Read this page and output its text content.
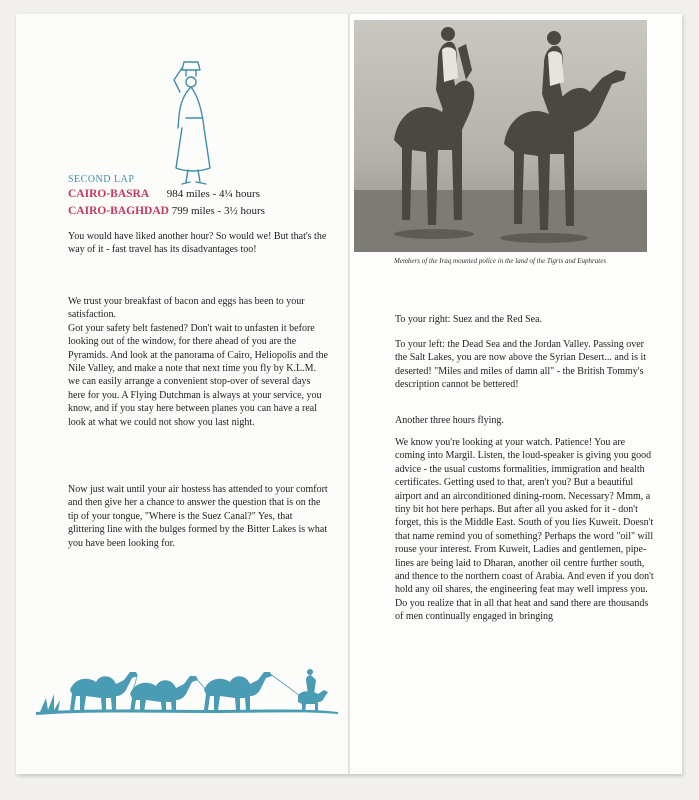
SECOND LAP
CAIRO-BASRA 984 miles - 4¼ hours
CAIRO-BAGHDAD 799 miles - 3½ hours

You would have liked another hour? So would we! But that's the way of it - fast travel has its disadvantages too!

We trust your breakfast of bacon and eggs has been to your satisfaction.
Got your safety belt fastened? Don't wait to unfasten it before looking out of the window, for there ahead of you are the Pyramids. And look at the panorama of Cairo, Heliopolis and the Nile Valley, and make a note that next time you fly by K.L.M. we can easily arrange a convenient stop-over of several days here for you. A Flying Dutchman is always at your service, you know, and if you stay here between planes you can have a real look at what we could not show you last night.

Now just wait until your air hostess has attended to your comfort and then give her a chance to answer the question that is on the tip of your tongue, "Where is the Suez Canal?" Yes, that glittering line with the bulges formed by the Bitter Lakes is what you have been looking for.

Members of the Iraq mounted police in the land of the Tigris and Euphrates

To your right: Suez and the Red Sea.

To your left: the Dead Sea and the Jordan Valley. Passing over the Salt Lakes, you are now above the Syrian Desert... and is it deserted! "Miles and miles of damn all" - the British Tommy's description cannot be bettered!

Another three hours flying.

We know you're looking at your watch. Patience! You are coming into Margil. Listen, the loud-speaker is giving you good advice - the usual customs formalities, immigration and health certificates. Getting used to that, aren't you? But a beautiful airport and an airconditioned dining-room. Necessary? Mmm, a tiny bit hot here perhaps. But after all you asked for it - don't forget, this is the Middle East. South of you lies Kuweit. Doesn't that name remind you of something? Perhaps the word "oil" will rouse your interest. From Kuweit, Ladies and gentlemen, pipe-lines are being laid to Dharan, another oil centre further south, and thence to the northern coast of Arabia. And even if you don't hold any oil shares, the engineering feat may well impress you. Do you realize that in all that heat and sand there are thousands of men continually engaged in bringing
